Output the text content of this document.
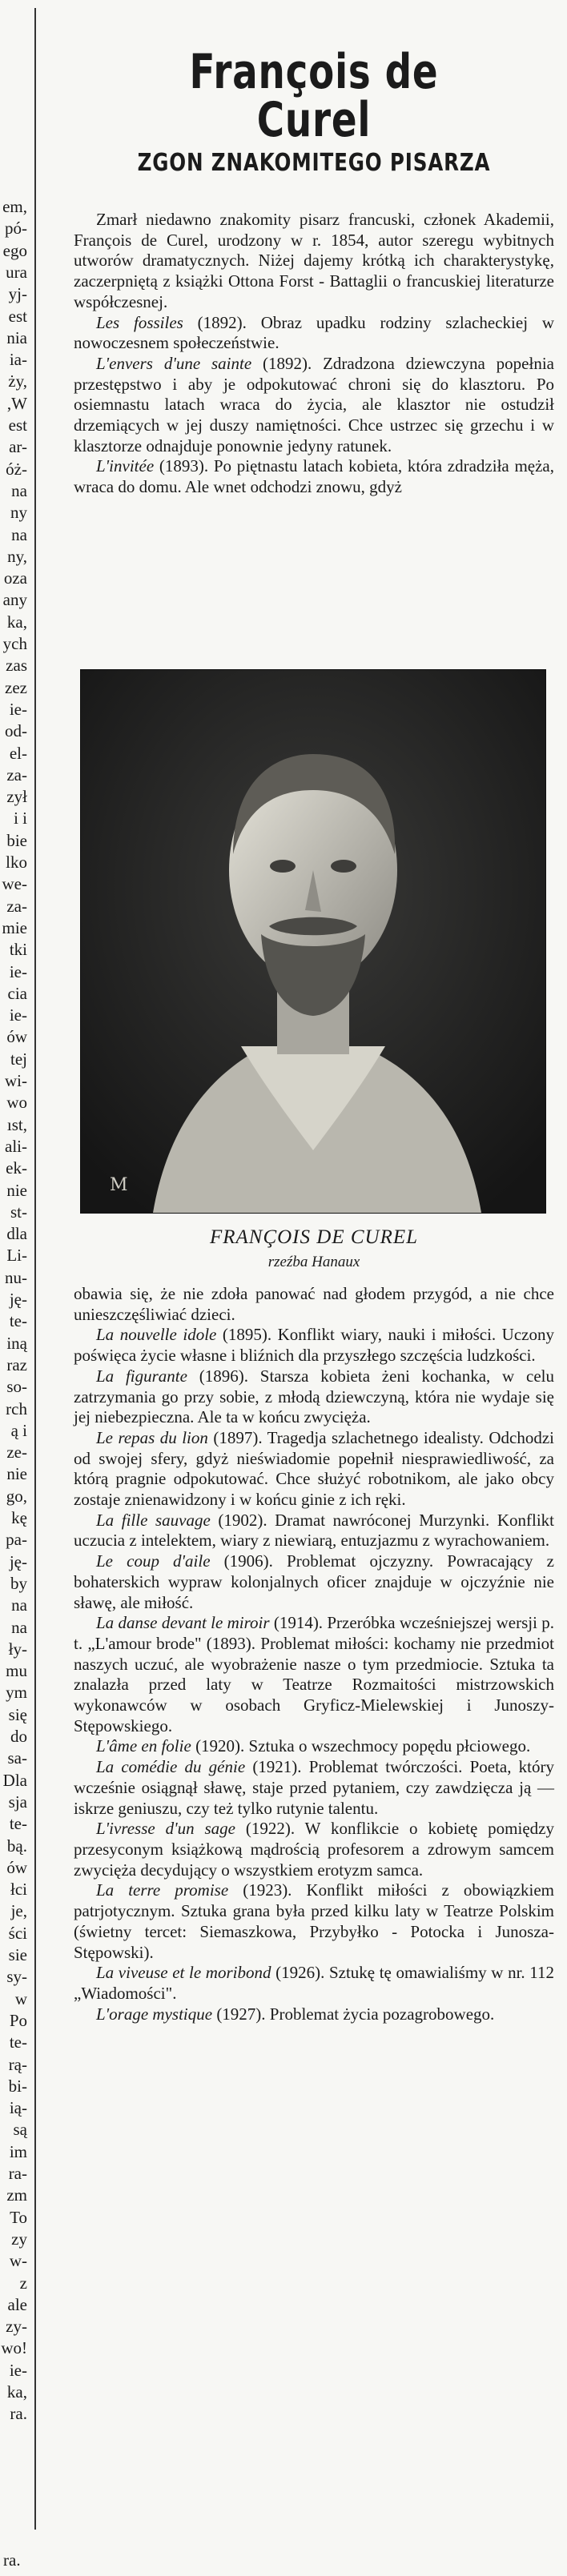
em,
pó-
ego
ura
yj-
est
nia
ia-
ży,
,W
est
ar-
óż-
na
ny
na
ny,
oza
any
ka,
ych
zas
zez
ie-
od-
el-
za-
zył
i i
bie
lko
we-
za-
mie
tki
ie-
cia
ie-
ów
tej
wi-
wo
ıst,
ali-
ek-
nie
st-
dla
Li-
nu-
ję-
te-
iną
raz
so-
rch
ą i
ze-
nie
go,
kę
pa-
ję-
by
na
na
ły-
mu
ym
się
do
sa-
Dla
sja
te-
bą.
ów
łci
je,
ści
sie
sy-
w
Po
te-
rą-
bi-
ią-
są
im
ra-
zm
To
zy
w-
z
ale
zy-
wo!
ie-
ka,
ra.
François de Curel
ZGON ZNAKOMITEGO PISARZA

Zmarł niedawno znakomity pisarz francuski, członek Akademii, François de Curel, urodzony w r. 1854, autor szeregu wybitnych utworów dramatycznych. Niżej dajemy krótką ich charakterystykę, zaczerpniętą z książki Ottona Forst - Battaglii o francuskiej literaturze współczesnej.

Les fossiles (1892). Obraz upadku rodziny szlacheckiej w nowoczesnem społeczeństwie.

L'envers d'une sainte (1892). Zdradzona dziewczyna popełnia przestępstwo i aby je odpokutować chroni się do klasztoru. Po osiemnastu latach wraca do życia, ale klasztor nie ostudził drzemiących w jej duszy namiętności. Chce ustrzec się grzechu i w klasztorze odnajduje ponownie jedyny ratunek.

L'invitée (1893). Po piętnastu latach kobieta, która zdradziła męża, wraca do domu. Ale wnet odchodzi znowu, gdyż

M
FRANÇOIS DE CUREL
rzeźba Hanaux

obawia się, że nie zdoła panować nad głodem przygód, a nie chce unieszczęśliwiać dzieci.

La nouvelle idole (1895). Konflikt wiary, nauki i miłości. Uczony poświęca życie własne i bliźnich dla przyszłego szczęścia ludzkości.

La figurante (1896). Starsza kobieta żeni kochanka, w celu zatrzymania go przy sobie, z młodą dziewczyną, która nie wydaje się jej niebezpieczna. Ale ta w końcu zwycięża.

Le repas du lion (1897). Tragedja szlachetnego idealisty. Odchodzi od swojej sfery, gdyż nieświadomie popełnił niesprawiedliwość, za którą pragnie odpokutować. Chce służyć robotnikom, ale jako obcy zostaje znienawidzony i w końcu ginie z ich ręki.

La fille sauvage (1902). Dramat nawróconej Murzynki. Konflikt uczucia z intelektem, wiary z niewiarą, entuzjazmu z wyrachowaniem.

Le coup d'aile (1906). Problemat ojczyzny. Powracający z bohaterskich wypraw kolonjalnych oficer znajduje w ojczyźnie nie sławę, ale miłość.

La danse devant le miroir (1914). Przeróbka wcześniejszej wersji p. t. „L'amour brode" (1893). Problemat miłości: kochamy nie przedmiot naszych uczuć, ale wyobrażenie nasze o tym przedmiocie. Sztuka ta znalazła przed laty w Teatrze Rozmaitości mistrzowskich wykonawców w osobach Gryficz-Mielewskiej i Junoszy-Stępowskiego.

L'âme en folie (1920). Sztuka o wszechmocy popędu płciowego.

La comédie du génie (1921). Problemat twórczości. Poeta, który wcześnie osiągnął sławę, staje przed pytaniem, czy zawdzięcza ją — iskrze geniuszu, czy też tylko rutynie talentu.

L'ivresse d'un sage (1922). W konflikcie o kobietę pomiędzy przesyconym książkową mądrością profesorem a zdrowym samcem zwycięża decydujący o wszystkiem erotyzm samca.

La terre promise (1923). Konflikt miłości z obowiązkiem patrjotycznym. Sztuka grana była przed kilku laty w Teatrze Polskim (świetny tercet: Siemaszkowa, Przybyłko - Potocka i Junosza-Stępowski).

La viveuse et le moribond (1926). Sztukę tę omawialiśmy w nr. 112 „Wiadomości".

L'orage mystique (1927). Problemat życia pozagrobowego.

ra.
